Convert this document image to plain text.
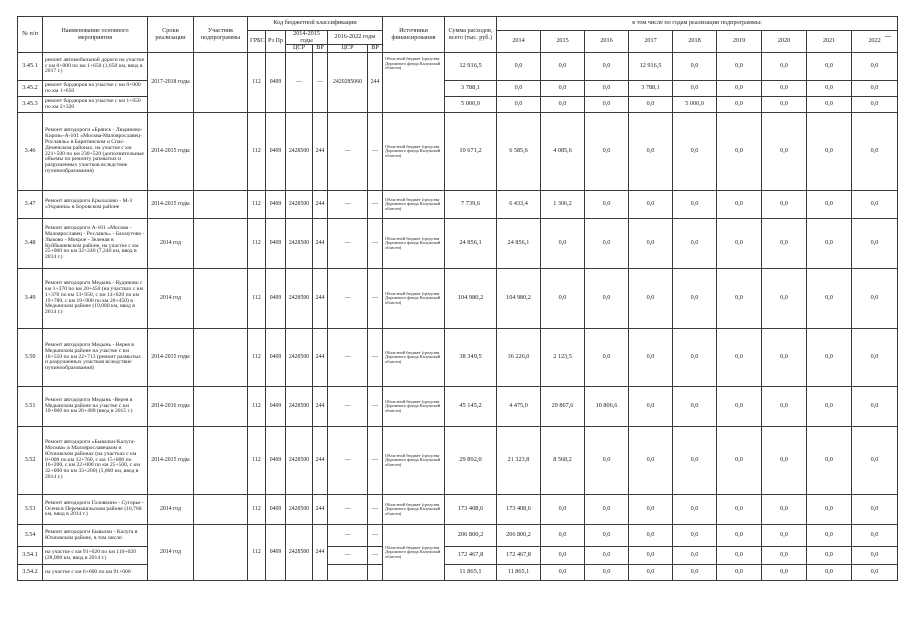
№ п/п	Наименование основного мероприятия	Сроки реализации	Участник подпрограммы	Код бюджетной классификации						Источники финансирования	Сумма расходов, всего (тыс. руб.)	в том числе по годам реализации подпрограммы:								
				ГРБС	Рз Пр	2014-2015 годы		2016-2022 годы				2014	2015	2016	2017	2018	2019	2020	2021	2022
						ЦСР	ВР	ЦСР	ВР											
3.45.1	ремонт автомобильной дороги на участке с км 0+000 по км 1+650 (1,650 км, ввод в 2017 г.)	2017-2018 годы		112	0409	—	—	2420285060	244	Областной бюджет (средства Дорожного фонда Калужской области)	12 916,5	0,0	0,0	0,0	12 916,5	0,0	0,0	0,0	0,0	0,0
3.45.2	ремонт бордюров на участке с км 0+000 по км 1+650										3 788,1	0,0	0,0	0,0	3 788,1	0,0	0,0	0,0	0,0	0,0
3.45.3	ремонт бордюров на участке с км 1+650 по км 2+320										5 000,0	0,0	0,0	0,0	0,0	5 000,0	0,0	0,0	0,0	0,0
3.46	Ремонт автодороги «Брянск - Людиново- Киров»-А-101 «Москва-Малоярославец- Рославль» в Барятинском и Спас-Деменском районах, на участке с км 221+500 по км 230+520 (дополнительные объемы по ремонту размытых и разрушенных участков вследствие пучинообразования)	2014-2015 годы		112	0409	2428500	244	—	—	Областной бюджет (средства Дорожного фонда Калужской области)	10 671,2	6 585,6	4 085,6	0,0	0,0	0,0	0,0	0,0	0,0	0,0
3.47	Ремонт автодороги Ерыхалово - М-3 «Украина» в Боровском районе	2014-2015 годы		112	0409	2428500	244	—	—	Областной бюджет (средства Дорожного фонда Калужской области)	7 739,6	6 433,4	1 306,2	0,0	0,0	0,0	0,0	0,0	0,0	0,0
3.48	Ремонт автодороги А-101 «Москва - Малоярославец - Рославль» - Бахмутово - Лыково - Мокрое - Зеленая в Куйбышевском районе, на участке с км 25+000 по км 32+240 (7,240 км, ввод в 2014 г.)	2014 год		112	0409	2428500	244	—	—	Областной бюджет (средства Дорожного фонда Калужской области)	24 856,1	24 856,1	0,0	0,0	0,0	0,0	0,0	0,0	0,0	0,0
3.49	Ремонт автодороги Медынь - Кудиново с км 1+370 по км 20+450 (на участках с км 1+370 по км 13+950, с км 14+020 по км 19+780, с км 19+900 по км 20+450) в Медынском районе (19,080 км, ввод в 2014 г.)	2014 год		112	0409	2428500	244	—	—	Областной бюджет (средства Дорожного фонда Калужской области)	104 980,2	104 980,2	0,0	0,0	0,0	0,0	0,0	0,0	0,0	0,0
3.50	Ремонт автодороги Медынь - Верея в Медынском районе на участке с км 18+550 по км 22+713 (ремонт размытых и разрушенных участков вследствие пучинообразования)	2014-2015 годы		112	0409	2428500	244	—	—	Областной бюджет (средства Дорожного фонда Калужской области)	38 349,5	36 226,0	2 123,5	0,0	0,0	0,0	0,0	0,0	0,0	0,0
3.51	Ремонт автодороги Медынь -Верея в Медынском районе на участке с км 10+060 по км 26+400 (ввод в 2015 г.)	2014-2016 годы		112	0409	2428500	244	—	—	Областной бюджет (средства Дорожного фонда Калужской области)	45 145,2	4 475,0	29 867,6	10 806,6	0,0	0,0	0,0	0,0	0,0	0,0
3.52	Ремонт автодороги «Бывалки-Калуга-Москва» в Малоярославецком и Юхновском районах (на участках с км 0+000 по км 12+760, с км 15+000 по 16+200, с км 22+000 по км 25+500, с км 32+000 по км 33+200) (5,800 км, ввод в 2014 г.)	2014-2015 годы		112	0409	2428500	244	—	—	Областной бюджет (средства Дорожного фонда Калужской области)	29 892,0	21 323,8	8 568,2	0,0	0,0	0,0	0,0	0,0	0,0	0,0
3.53	Ремонт автодороги Головкино - Сугорье - Осеня в Перемышльском районе (16,760 км, ввод в 2014 г.)	2014 год		112	0409	2428500	244	—	—	Областной бюджет (средства Дорожного фонда Калужской области)	173 408,6	173 408,6	0,0	0,0	0,0	0,0	0,0	0,0	0,0	0,0
3.54	Ремонт автодороги Бывалки - Калуга в Юхновском районе, в том числе:	2014 год		112	0409	2428500	244	—	—	Областной бюджет (средства Дорожного фонда Калужской области)	206 800,2	206 800,2	0,0	0,0	0,0	0,0	0,0	0,0	0,0	0,0
3.54.1	на участке с км 91+620 по км 110+020 (28,000 км, ввод в 2014 г.)							—	—		172 467,8	172 467,8	0,0	0,0	0,0	0,0	0,0	0,0	0,0	0,0
3.54.2	на участке с км 6+600 по км 91+000										11 865,1	11 865,1	0,0	0,0	0,0	0,0	0,0	0,0	0,0	0,0
